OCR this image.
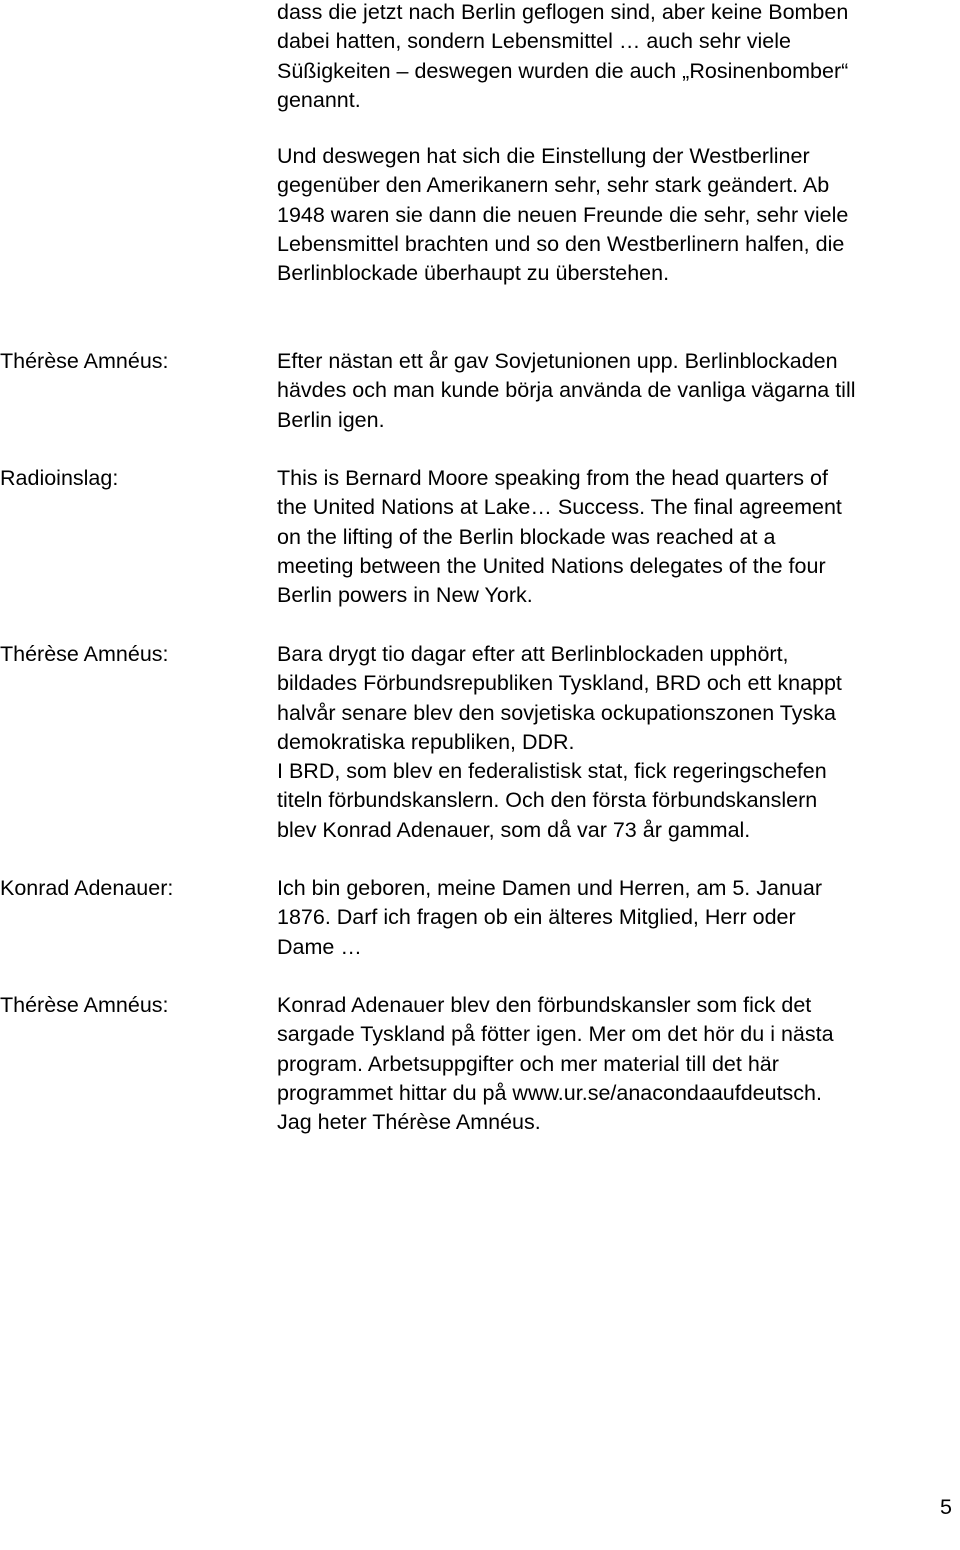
dass die jetzt nach Berlin geflogen sind, aber keine Bomben
dabei hatten, sondern Lebensmittel … auch sehr viele
Süßigkeiten – deswegen wurden die auch „Rosinenbomber“
genannt.
Und deswegen hat sich die Einstellung der Westberliner
gegenüber den Amerikanern sehr, sehr stark geändert. Ab
1948 waren sie dann die neuen Freunde die sehr, sehr viele
Lebensmittel brachten und so den Westberlinern halfen, die
Berlinblockade überhaupt zu überstehen.
Thérèse Amnéus:	Efter nästan ett år gav Sovjetunionen upp. Berlinblockaden
hävdes och man kunde börja använda de vanliga vägarna till
Berlin igen.
Radioinslag:	This is Bernard Moore speaking from the head quarters of
the United Nations at Lake… Success. The final agreement
on the lifting of the Berlin blockade was reached at a
meeting between the United Nations delegates of the four
Berlin powers in New York.
Thérèse Amnéus:	Bara drygt tio dagar efter att Berlinblockaden upphört,
bildades Förbundsrepubliken Tyskland, BRD och ett knappt
halvår senare blev den sovjetiska ockupationszonen Tyska
demokratiska republiken, DDR.
I BRD, som blev en federalistisk stat, fick regeringschefen
titeln förbundskanslern. Och den första förbundskanslern
blev Konrad Adenauer, som då var 73 år gammal.
Konrad Adenauer:	Ich bin geboren, meine Damen und Herren, am 5. Januar
1876. Darf ich fragen ob ein älteres Mitglied, Herr oder
Dame …
Thérèse Amnéus:	Konrad Adenauer blev den förbundskansler som fick det
sargade Tyskland på fötter igen. Mer om det hör du i nästa
program. Arbetsuppgifter och mer material till det här
programmet hittar du på www.ur.se/anacondaaufdeutsch.
Jag heter Thérèse Amnéus.
5
